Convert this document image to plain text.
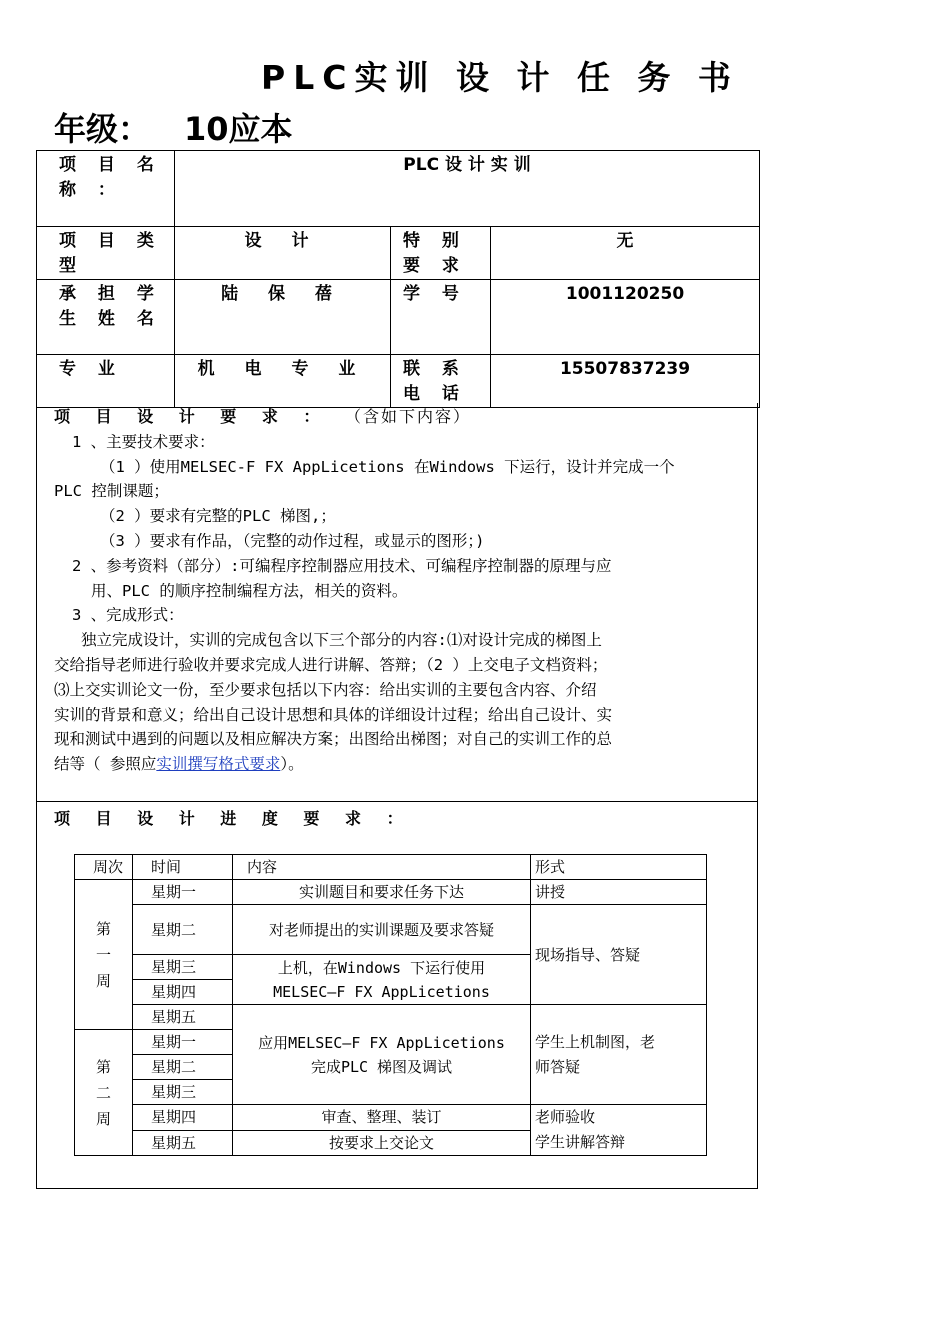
PLC实训 设 计 任 务 书
年级： 10应本
项 目 名 称 ：	PLC 设 计 实 训		
项 目 类 型	设 计	特 别 要 求	无
承 担 学 生 姓 名	陆 保 蓓	学 号	1001120250
专 业	机 电 专 业	联 系 电 话	15507837239
项 目 设 计 要 求 ： （含如下内容）
1 、主要技术要求：
（1 ）使用MELSEC-F FX AppLicetions 在Windows 下运行，设计并完成一个
PLC 控制课题；
（2 ）要求有完整的PLC 梯图,；
（3 ）要求有作品，（完整的动作过程，或显示的图形；)
2 、参考资料（部分）:可编程序控制器应用技术、可编程序控制器的原理与应
用、PLC 的顺序控制编程方法，相关的资料。
3 、完成形式：
独立完成设计，实训的完成包含以下三个部分的内容:⑴对设计完成的梯图上
交给指导老师进行验收并要求完成人进行讲解、答辩；（2 ）上交电子文档资料；
⑶上交实训论文一份，至少要求包括以下内容：给出实训的主要包含内容、介绍
实训的背景和意义；给出自己设计思想和具体的详细设计过程；给出自己设计、实
现和测试中遇到的问题以及相应解决方案；出图给出梯图；对自己的实训工作的总
结等（ 参照应实训撰写格式要求）。
项 目 设 计 进 度 要 求 ：
周次	时间	内容	形式
第一周	星期一	实训题目和要求任务下达	讲授
	星期二	对老师提出的实训课题及要求答疑	现场指导、答疑
	星期三	上机，在Windows 下运行使用MELSEC—F FX AppLicetions	
	星期四		
	星期五	应用MELSEC—F FX AppLicetions 完成PLC 梯图及调试	学生上机制图，老师答疑
第二周	星期一		
	星期二		
	星期三		
	星期四	审查、整理、装订	老师验收
学生讲解答辩

	星期五	按要求上交论文	
